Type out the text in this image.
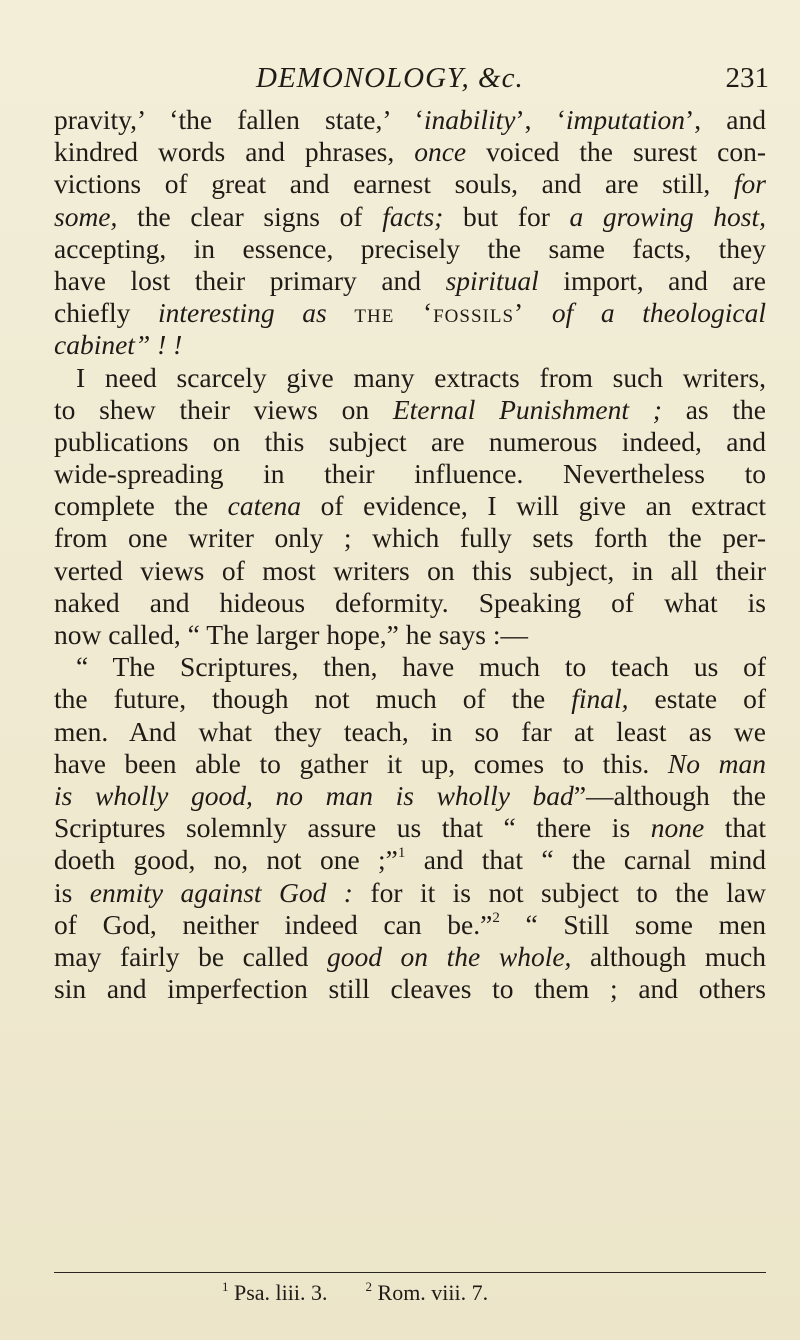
DEMONOLOGY, &c.	231
pravity,’ ‘the fallen state,’ ‘inability’, ‘imputation’, and
kindred words and phrases, once voiced the surest con-
victions of great and earnest souls, and are still, for
some, the clear signs of facts; but for a growing host,
accepting, in essence, precisely the same facts, they
have lost their primary and spiritual import, and are
chiefly interesting as the ‘fossils’ of a theological
cabinet” ! !
I need scarcely give many extracts from such writers,
to shew their views on Eternal Punishment ; as the
publications on this subject are numerous indeed, and
wide-spreading in their influence. Nevertheless to
complete the catena of evidence, I will give an extract
from one writer only ; which fully sets forth the per-
verted views of most writers on this subject, in all their
naked and hideous deformity. Speaking of what is
now called, “ The larger hope,” he says :—
“ The Scriptures, then, have much to teach us of
the future, though not much of the final, estate of
men. And what they teach, in so far at least as we
have been able to gather it up, comes to this. No man
is wholly good, no man is wholly bad”—although the
Scriptures solemnly assure us that “ there is none that
doeth good, no, not one ;”$^1$ and that “ the carnal mind
is enmity against God : for it is not subject to the law
of God, neither indeed can be.”$^2$ “ Still some men
may fairly be called good on the whole, although much
sin and imperfection still cleaves to them ; and others
$^1$ Psa. liii. 3.	$^2$ Rom. viii. 7.
